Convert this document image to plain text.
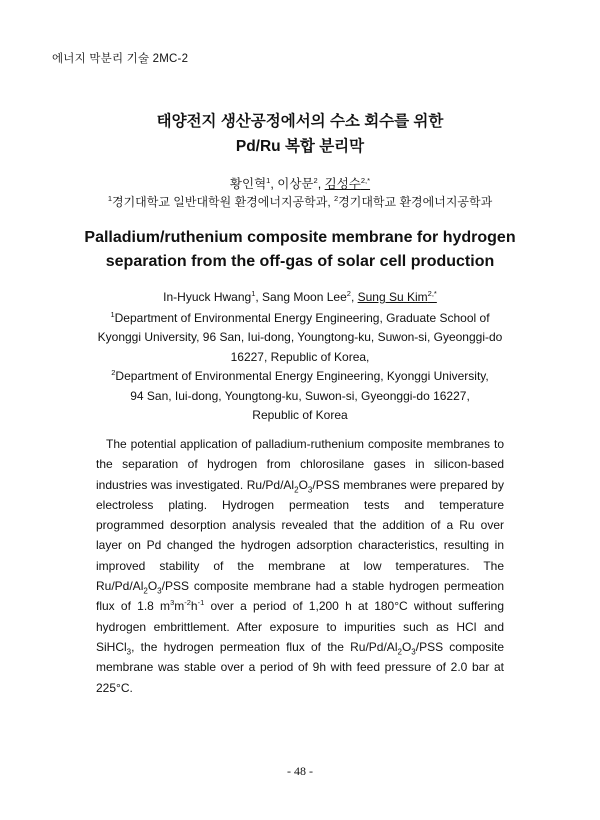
에너지 막분리 기술 2MC-2
태양전지 생산공정에서의 수소 회수를 위한
Pd/Ru 복합 분리막
황인혁$^1$, 이상문$^2$, 김성수$^{2,*}$
$^1$경기대학교 일반대학원 환경에너지공학과, $^2$경기대학교 환경에너지공학과
Palladium/ruthenium composite membrane for hydrogen
separation from the off-gas of solar cell production
In-Hyuck Hwang$^1$, Sang Moon Lee$^2$, Sung Su Kim$^{2,*}$
$^1$Department of Environmental Energy Engineering, Graduate School of
Kyonggi University, 96 San, Iui-dong, Youngtong-ku, Suwon-si, Gyeonggi-do
16227, Republic of Korea,
$^2$Department of Environmental Energy Engineering, Kyonggi University,
94 San, Iui-dong, Youngtong-ku, Suwon-si, Gyeonggi-do 16227,
Republic of Korea

The potential application of palladium-ruthenium composite membranes to the separation of hydrogen from chlorosilane gases in silicon-based industries was investigated. $Ru/Pd/Al_2O_3$/PSS membranes were prepared by electroless plating. Hydrogen permeation tests and temperature programmed desorption analysis revealed that the addition of a Ru over layer on Pd changed the hydrogen adsorption characteristics, resulting in improved stability of the membrane at low temperatures. The $Ru/Pd/Al_2O_3$/PSS composite membrane had a stable hydrogen permeation flux of 1.8 $m^3m^{-2}h^{-1}$ over a period of 1,200 h at 180°C without suffering hydrogen embrittlement. After exposure to impurities such as HCl and SiHCl$_3$, the hydrogen permeation flux of the $Ru/Pd/Al_2O_3$/PSS composite membrane was stable over a period of 9h with feed pressure of 2.0 bar at 225°C.

- 48 -
